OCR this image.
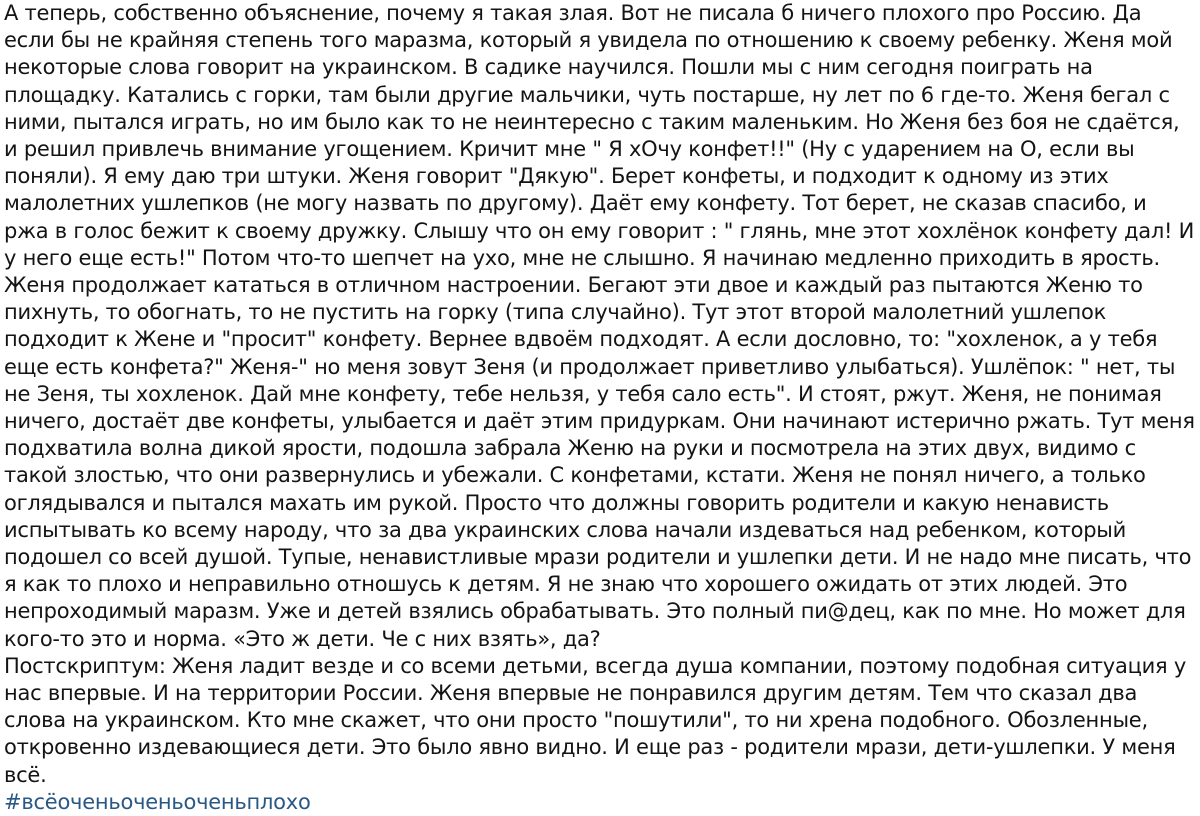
А теперь, собственно объяснение, почему я такая злая. Вот не писала б ничего плохого про Россию. Да если бы не крайняя степень того маразма, который я увидела по отношению к своему ребенку. Женя мой некоторые слова говорит на украинском. В садике научился. Пошли мы с ним сегодня поиграть на площадку. Катались с горки, там были другие мальчики, чуть постарше, ну лет по 6 где-то. Женя бегал с ними, пытался играть, но им было как то не неинтересно с таким маленьким. Но Женя без боя не сдаётся, и решил привлечь внимание угощением. Кричит мне " Я хОчу конфет!!" (Ну с ударением на О, если вы поняли). Я ему даю три штуки. Женя говорит "Дякую". Берет конфеты, и подходит к одному из этих малолетних ушлепков (не могу назвать по другому). Даёт ему конфету. Тот берет, не сказав спасибо, и ржа в голос бежит к своему дружку. Слышу что он ему говорит : " глянь, мне этот хохлёнок конфету дал! И у него еще есть!" Потом что-то шепчет на ухо, мне не слышно. Я начинаю медленно приходить в ярость. Женя продолжает кататься в отличном настроении. Бегают эти двое и каждый раз пытаются Женю то пихнуть, то обогнать, то не пустить на горку (типа случайно). Тут этот второй малолетний ушлепок подходит к Жене и "просит" конфету. Вернее вдвоём подходят. А если дословно, то: "хохленок, а у тебя еще есть конфета?" Женя-" но меня зовут Зеня (и продолжает приветливо улыбаться). Ушлёпок: " нет, ты не Зеня, ты хохленок. Дай мне конфету, тебе нельзя, у тебя сало есть". И стоят, ржут. Женя, не понимая ничего, достаёт две конфеты, улыбается и даёт этим придуркам. Они начинают истерично ржать. Тут меня подхватила волна дикой ярости, подошла забрала Женю на руки и посмотрела на этих двух, видимо с такой злостью, что они развернулись и убежали. С конфетами, кстати. Женя не понял ничего, а только оглядывался и пытался махать им рукой. Просто что должны говорить родители и какую ненависть испытывать ко всему народу, что за два украинских слова начали издеваться над ребенком, который подошел со всей душой. Тупые, ненавистливые мрази родители и ушлепки дети. И не надо мне писать, что я как то плохо и неправильно отношусь к детям. Я не знаю что хорошего ожидать от этих людей. Это непроходимый маразм. Уже и детей взялись обрабатывать. Это полный пи@дец, как по мне. Но может для кого-то это и норма. «Это ж дети. Че с них взять», да?

Постскриптум: Женя ладит везде и со всеми детьми, всегда душа компании, поэтому подобная ситуация у нас впервые. И на территории России. Женя впервые не понравился другим детям. Тем что сказал два слова на украинском. Кто мне скажет, что они просто "пошутили", то ни хрена подобного. Обозленные, откровенно издевающиеся дети. Это было явно видно. И еще раз - родители мрази, дети-ушлепки. У меня всё.

#всёоченьоченьоченьплохо
